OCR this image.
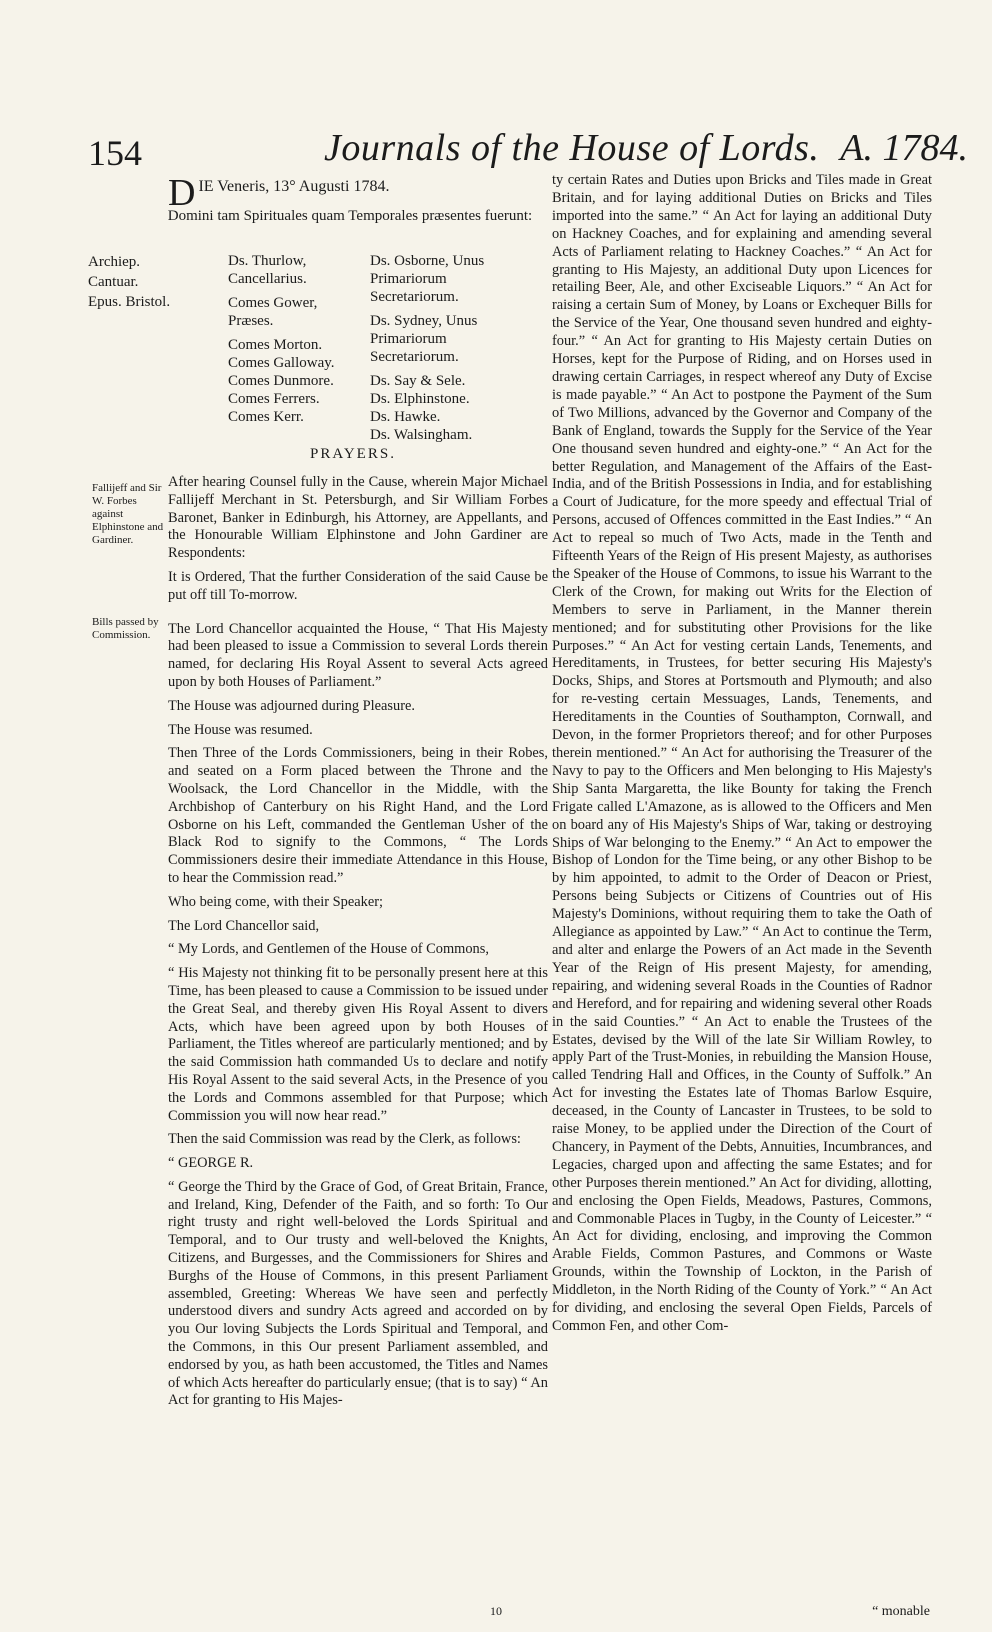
154	Journals of the House of Lords. A. 1784.
D IE Veneris, 13° Augusti 1784.
Domini tam Spirituales quam Temporales præsentes fuerunt:
Archiep. Cantuar.
Epus. Bristol.
Ds. Thurlow, Cancellarius.
Comes Gower, Præses.
Comes Morton.
Comes Galloway.
Comes Dunmore.
Comes Ferrers.
Comes Kerr.
Ds. Osborne, Unus Primariorum Secretariorum.
Ds. Sydney, Unus Primariorum Secretariorum.
Ds. Say & Sele.
Ds. Elphinstone.
Ds. Hawke.
Ds. Walsingham.
PRAYERS.
Fallijeff and Sir W. Forbes against Elphinstone and Gardiner.
Bills passed by Commission.

After hearing Counsel fully in the Cause, wherein Major Michael Fallijeff Merchant in St. Petersburgh, and Sir William Forbes Baronet, Banker in Edinburgh, his Attorney, are Appellants, and the Honourable William Elphinstone and John Gardiner are Respondents:

It is Ordered, That the further Consideration of the said Cause be put off till To-morrow.

The Lord Chancellor acquainted the House, “ That His Majesty had been pleased to issue a Commission to several Lords therein named, for declaring His Royal Assent to several Acts agreed upon by both Houses of Parliament.”

The House was adjourned during Pleasure.

The House was resumed.

Then Three of the Lords Commissioners, being in their Robes, and seated on a Form placed between the Throne and the Woolsack, the Lord Chancellor in the Middle, with the Archbishop of Canterbury on his Right Hand, and the Lord Osborne on his Left, commanded the Gentleman Usher of the Black Rod to signify to the Commons, “ The Lords Commissioners desire their immediate Attendance in this House, to hear the Commission read.”

Who being come, with their Speaker;

The Lord Chancellor said,

“ My Lords, and Gentlemen of the House of Commons,

“ His Majesty not thinking fit to be personally present here at this Time, has been pleased to cause a Commission to be issued under the Great Seal, and thereby given His Royal Assent to divers Acts, which have been agreed upon by both Houses of Parliament, the Titles whereof are particularly mentioned; and by the said Commission hath commanded Us to declare and notify His Royal Assent to the said several Acts, in the Presence of you the Lords and Commons assembled for that Purpose; which Commission you will now hear read.”

Then the said Commission was read by the Clerk, as follows:

“ GEORGE R.

“ George the Third by the Grace of God, of Great Britain, France, and Ireland, King, Defender of the Faith, and so forth: To Our right trusty and right well-beloved the Lords Spiritual and Temporal, and to Our trusty and well-beloved the Knights, Citizens, and Burgesses, and the Commissioners for Shires and Burghs of the House of Commons, in this present Parliament assembled, Greeting: Whereas We have seen and perfectly understood divers and sundry Acts agreed and accorded on by you Our loving Subjects the Lords Spiritual and Temporal, and the Commons, in this Our present Parliament assembled, and endorsed by you, as hath been accustomed, the Titles and Names of which Acts hereafter do particularly ensue; (that is to say) “ An Act for granting to His Majes-

ty certain Rates and Duties upon Bricks and Tiles made in Great Britain, and for laying additional Duties on Bricks and Tiles imported into the same.” “ An Act for laying an additional Duty on Hackney Coaches, and for explaining and amending several Acts of Parliament relating to Hackney Coaches.” “ An Act for granting to His Majesty, an additional Duty upon Licences for retailing Beer, Ale, and other Exciseable Liquors.” “ An Act for raising a certain Sum of Money, by Loans or Exchequer Bills for the Service of the Year, One thousand seven hundred and eighty-four.” “ An Act for granting to His Majesty certain Duties on Horses, kept for the Purpose of Riding, and on Horses used in drawing certain Carriages, in respect whereof any Duty of Excise is made payable.” “ An Act to postpone the Payment of the Sum of Two Millions, advanced by the Governor and Company of the Bank of England, towards the Supply for the Service of the Year One thousand seven hundred and eighty-one.” “ An Act for the better Regulation, and Management of the Affairs of the East-India, and of the British Possessions in India, and for establishing a Court of Judicature, for the more speedy and effectual Trial of Persons, accused of Offences committed in the East Indies.” “ An Act to repeal so much of Two Acts, made in the Tenth and Fifteenth Years of the Reign of His present Majesty, as authorises the Speaker of the House of Commons, to issue his Warrant to the Clerk of the Crown, for making out Writs for the Election of Members to serve in Parliament, in the Manner therein mentioned; and for substituting other Provisions for the like Purposes.” “ An Act for vesting certain Lands, Tenements, and Hereditaments, in Trustees, for better securing His Majesty's Docks, Ships, and Stores at Portsmouth and Plymouth; and also for re-vesting certain Messuages, Lands, Tenements, and Hereditaments in the Counties of Southampton, Cornwall, and Devon, in the former Proprietors thereof; and for other Purposes therein mentioned.” “ An Act for authorising the Treasurer of the Navy to pay to the Officers and Men belonging to His Majesty's Ship Santa Margaretta, the like Bounty for taking the French Frigate called L'Amazone, as is allowed to the Officers and Men on board any of His Majesty's Ships of War, taking or destroying Ships of War belonging to the Enemy.” “ An Act to empower the Bishop of London for the Time being, or any other Bishop to be by him appointed, to admit to the Order of Deacon or Priest, Persons being Subjects or Citizens of Countries out of His Majesty's Dominions, without requiring them to take the Oath of Allegiance as appointed by Law.” “ An Act to continue the Term, and alter and enlarge the Powers of an Act made in the Seventh Year of the Reign of His present Majesty, for amending, repairing, and widening several Roads in the Counties of Radnor and Hereford, and for repairing and widening several other Roads in the said Counties.” “ An Act to enable the Trustees of the Estates, devised by the Will of the late Sir William Rowley, to apply Part of the Trust-Monies, in rebuilding the Mansion House, called Tendring Hall and Offices, in the County of Suffolk.” An Act for investing the Estates late of Thomas Barlow Esquire, deceased, in the County of Lancaster in Trustees, to be sold to raise Money, to be applied under the Direction of the Court of Chancery, in Payment of the Debts, Annuities, Incumbrances, and Legacies, charged upon and affecting the same Estates; and for other Purposes therein mentioned.” An Act for dividing, allotting, and enclosing the Open Fields, Meadows, Pastures, Commons, and Commonable Places in Tugby, in the County of Leicester.” “ An Act for dividing, enclosing, and improving the Common Arable Fields, Common Pastures, and Commons or Waste Grounds, within the Township of Lockton, in the Parish of Middleton, in the North Riding of the County of York.” “ An Act for dividing, and enclosing the several Open Fields, Parcels of Common Fen, and other Com-

10	“ monable
